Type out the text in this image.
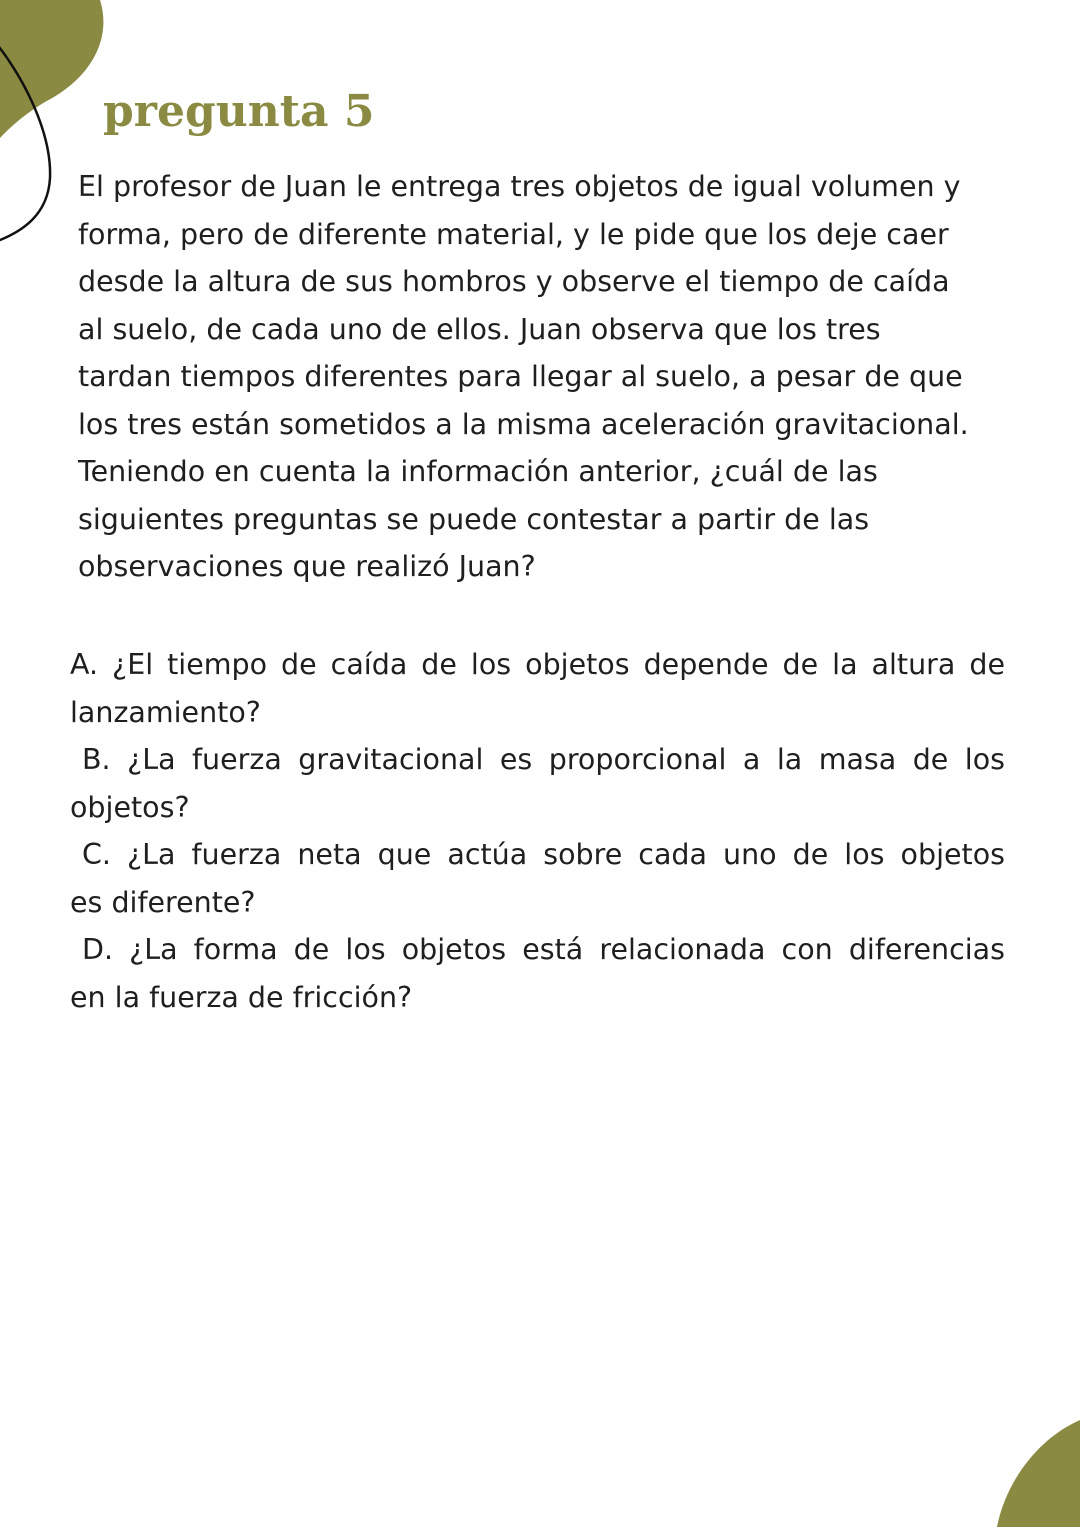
pregunta 5

El profesor de Juan le entrega tres objetos de igual volumen y
forma, pero de diferente material, y le pide que los deje caer
desde la altura de sus hombros y observe el tiempo de caída
al suelo, de cada uno de ellos. Juan observa que los tres
tardan tiempos diferentes para llegar al suelo, a pesar de que
los tres están sometidos a la misma aceleración gravitacional.
Teniendo en cuenta la información anterior, ¿cuál de las
siguientes preguntas se puede contestar a partir de las
observaciones que realizó Juan?

A. ¿El tiempo de caída de los objetos depende de la altura de
lanzamiento?
B. ¿La fuerza gravitacional es proporcional a la masa de los
objetos?
C. ¿La fuerza neta que actúa sobre cada uno de los objetos
es diferente?
D. ¿La forma de los objetos está relacionada con diferencias
en la fuerza de fricción?
